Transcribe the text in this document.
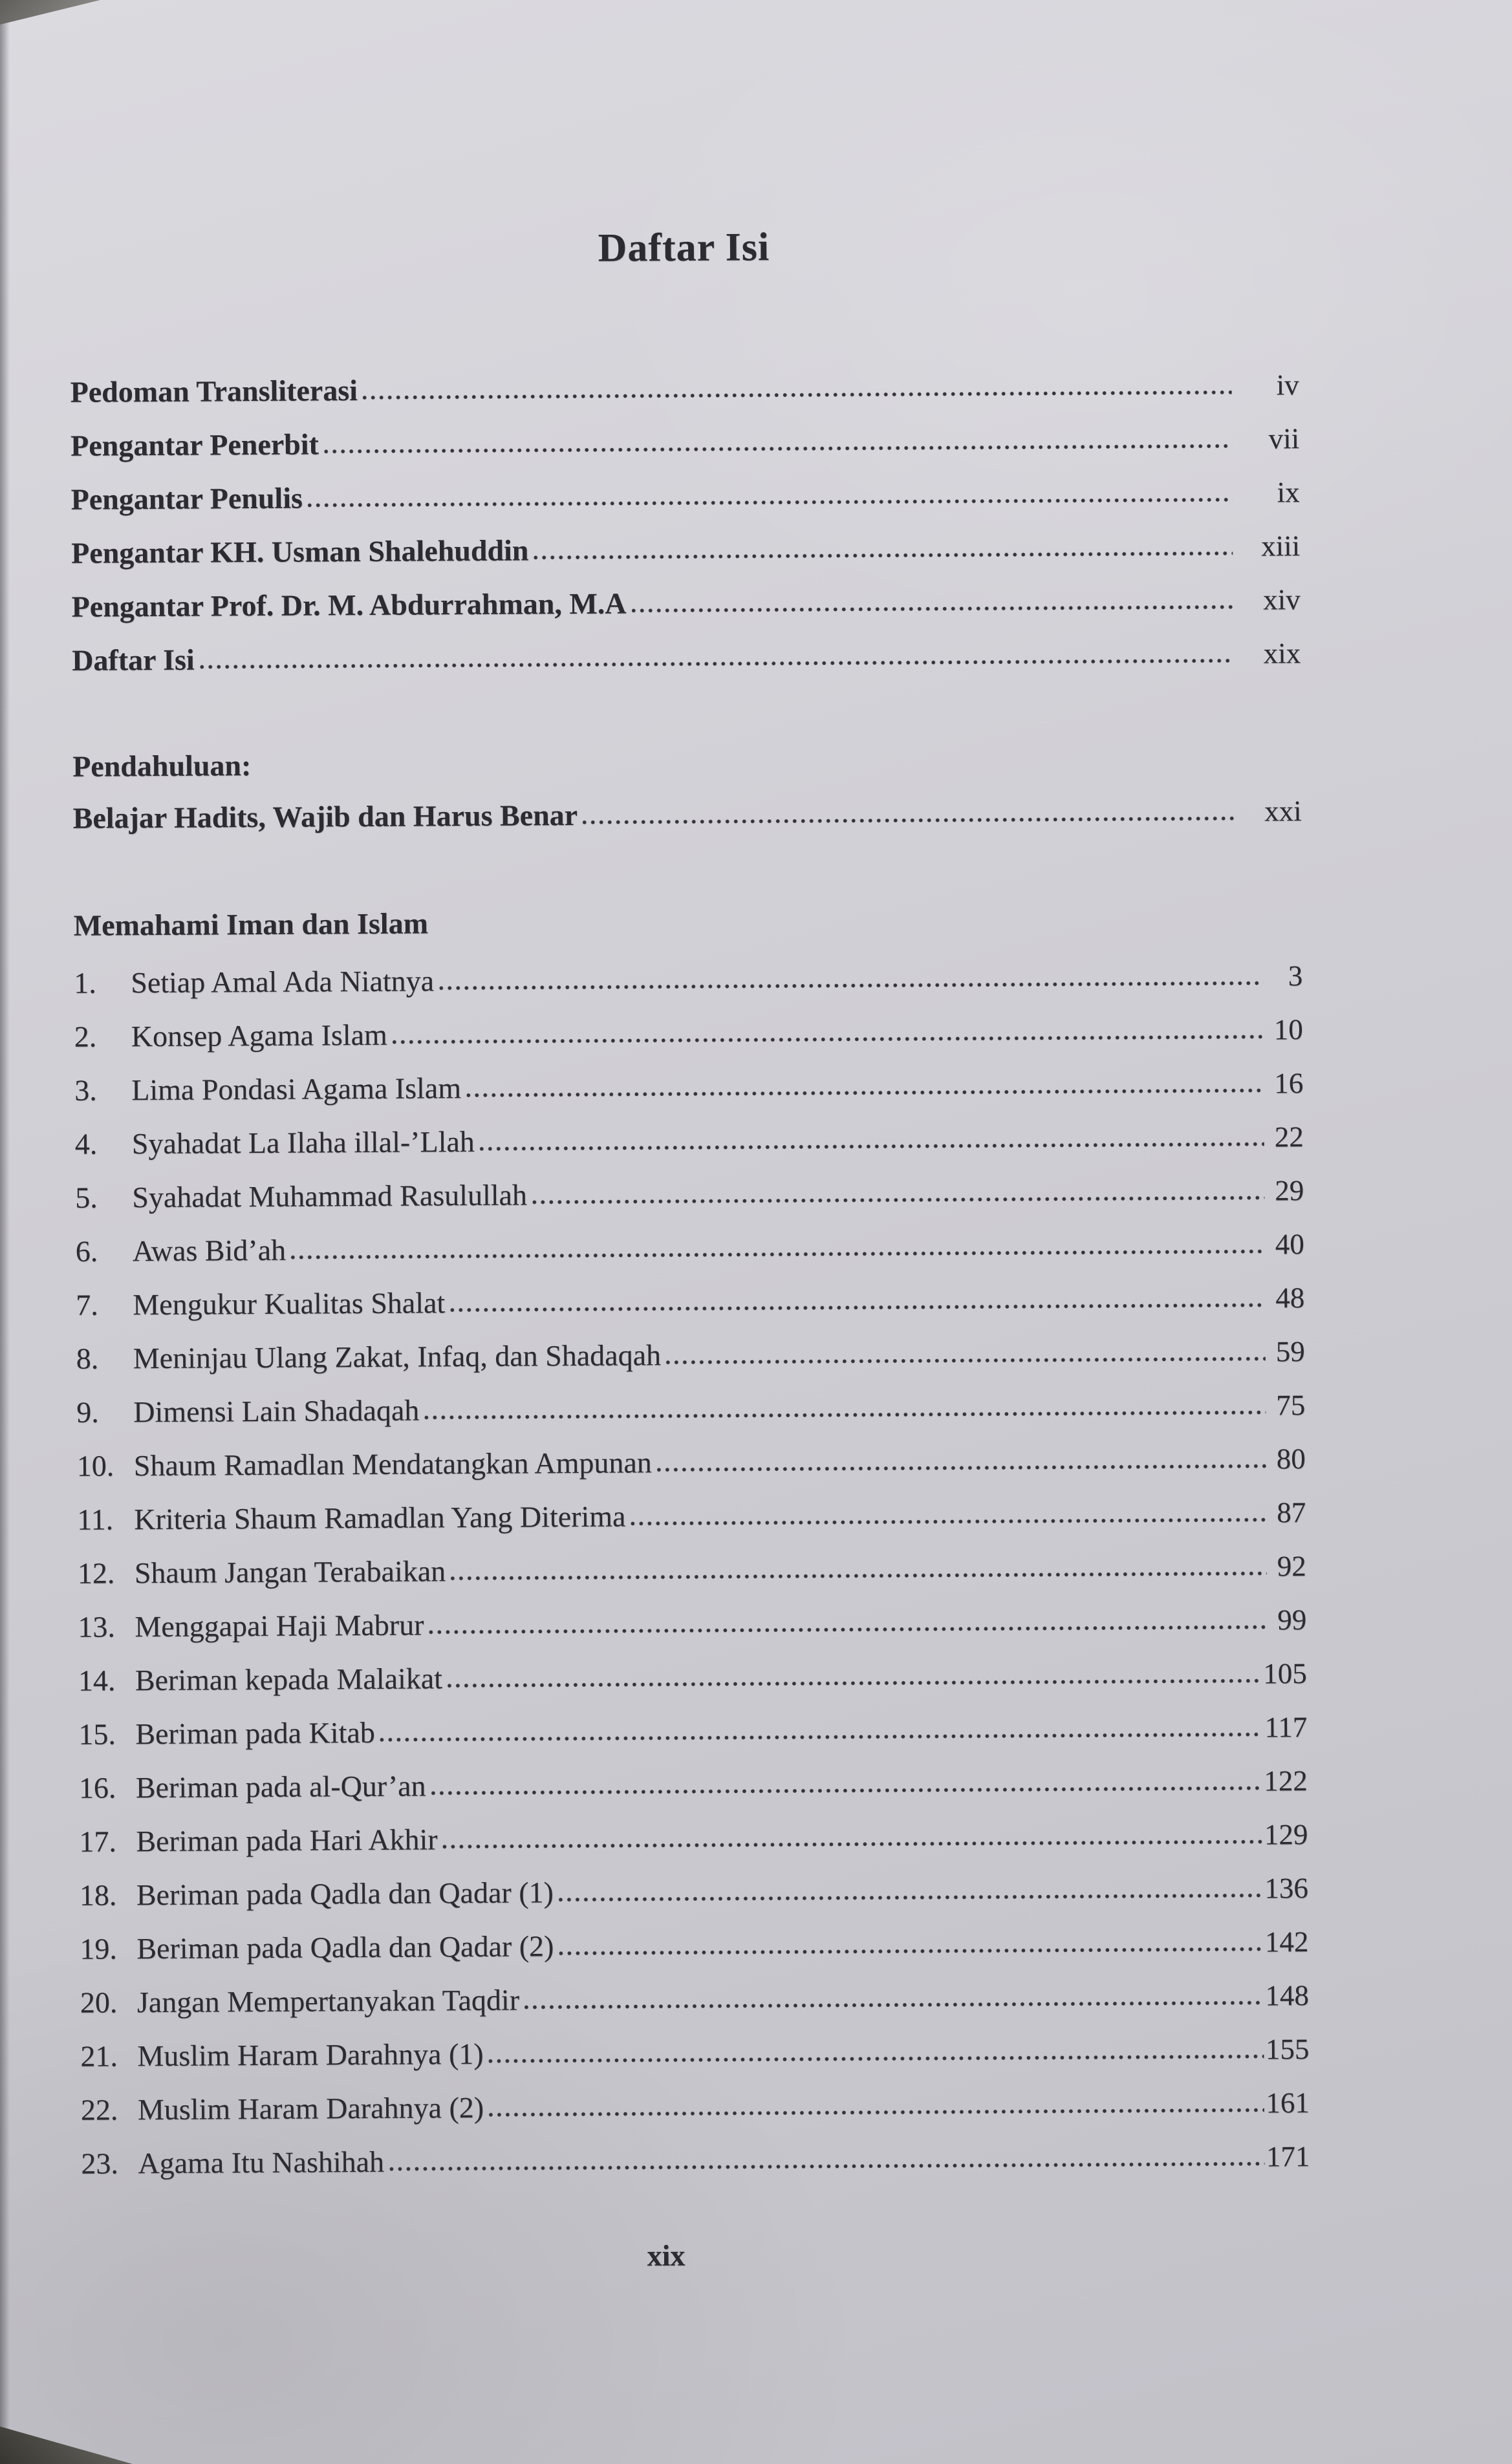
Daftar Isi
Pedoman Transliterasi	iv
Pengantar Penerbit	vii
Pengantar Penulis	ix
Pengantar KH. Usman Shalehuddin	xiii
Pengantar Prof. Dr. M. Abdurrahman, M.A	xiv
Daftar Isi	xix
Pendahuluan:
Belajar Hadits, Wajib dan Harus Benar	xxi
Memahami Iman dan Islam
1.	Setiap Amal Ada Niatnya	3
2.	Konsep Agama Islam	10
3.	Lima Pondasi Agama Islam	16
4.	Syahadat La Ilaha illal-’Llah	22
5.	Syahadat Muhammad Rasulullah	29
6.	Awas Bid’ah	40
7.	Mengukur Kualitas Shalat	48
8.	Meninjau Ulang Zakat, Infaq, dan Shadaqah	59
9.	Dimensi Lain Shadaqah	75
10. Shaum Ramadlan Mendatangkan Ampunan	80
11. Kriteria Shaum Ramadlan Yang Diterima	87
12. Shaum Jangan Terabaikan	92
13. Menggapai Haji Mabrur	99
14. Beriman kepada Malaikat	105
15. Beriman pada Kitab	117
16. Beriman pada al-Qur’an	122
17. Beriman pada Hari Akhir	129
18. Beriman pada Qadla dan Qadar (1)	136
19. Beriman pada Qadla dan Qadar (2)	142
20. Jangan Mempertanyakan Taqdir	148
21. Muslim Haram Darahnya (1)	155
22. Muslim Haram Darahnya (2)	161
23. Agama Itu Nashihah	171
xix
